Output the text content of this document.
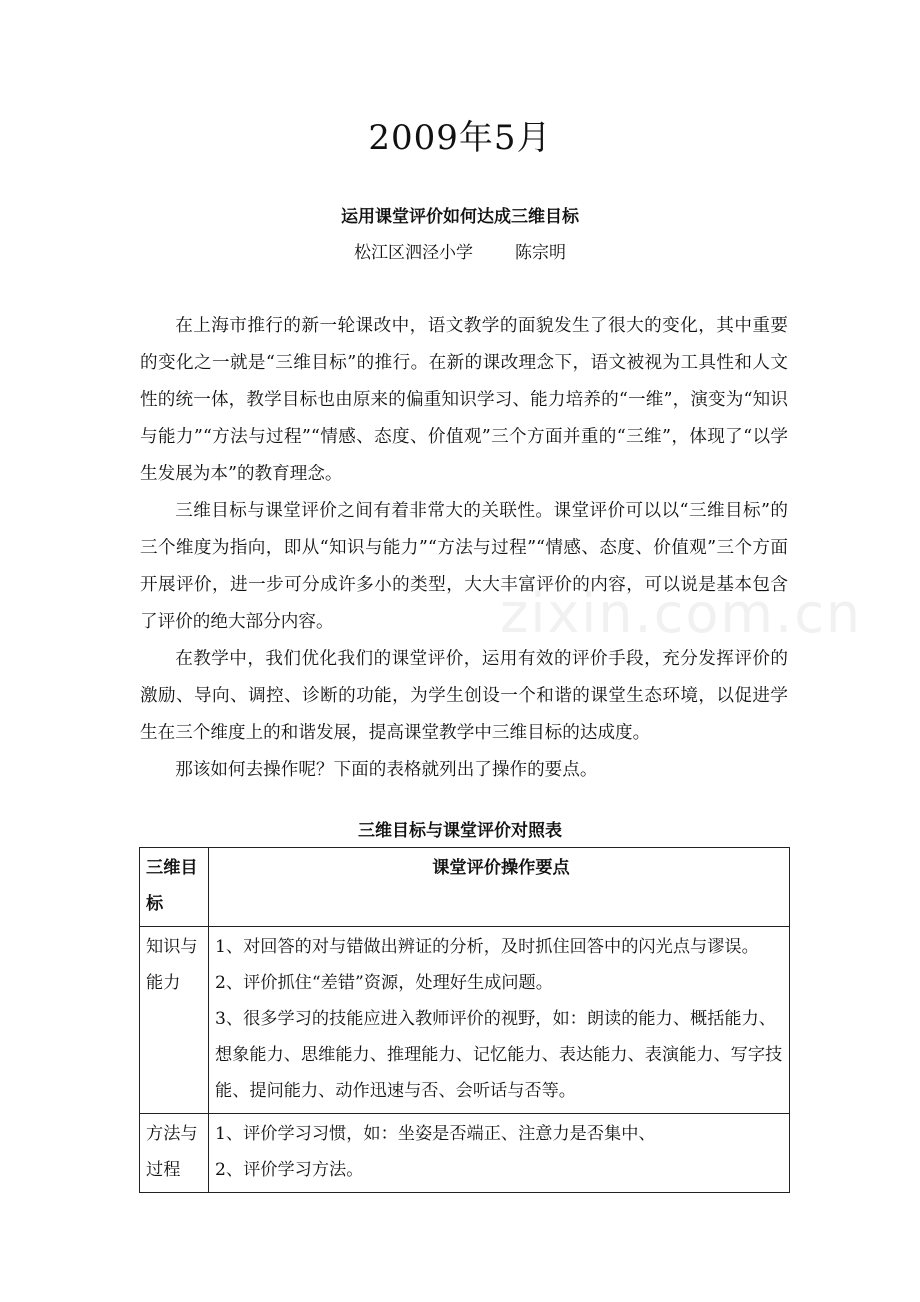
2009年5月
运用课堂评价如何达成三维目标
松江区泗泾小学 陈宗明

在上海市推行的新一轮课改中，语文教学的面貌发生了很大的变化，其中重要的变化之一就是“三维目标”的推行。在新的课改理念下，语文被视为工具性和人文性的统一体，教学目标也由原来的偏重知识学习、能力培养的“一维”，演变为“知识与能力”“方法与过程”“情感、态度、价值观”三个方面并重的“三维”，体现了“以学生发展为本”的教育理念。

三维目标与课堂评价之间有着非常大的关联性。课堂评价可以以“三维目标”的三个维度为指向，即从“知识与能力”“方法与过程”“情感、态度、价值观”三个方面开展评价，进一步可分成许多小的类型，大大丰富评价的内容，可以说是基本包含了评价的绝大部分内容。

在教学中，我们优化我们的课堂评价，运用有效的评价手段，充分发挥评价的激励、导向、调控、诊断的功能，为学生创设一个和谐的课堂生态环境，以促进学生在三个维度上的和谐发展，提高课堂教学中三维目标的达成度。

那该如何去操作呢？下面的表格就列出了操作的要点。

三维目标与课堂评价对照表
三维目标	课堂评价操作要点
知识与能力	1、对回答的对与错做出辨证的分析，及时抓住回答中的闪光点与谬误。
2、评价抓住“差错”资源，处理好生成问题。
3、很多学习的技能应进入教师评价的视野，如：朗读的能力、概括能力、想象能力、思维能力、推理能力、记忆能力、表达能力、表演能力、写字技能、提问能力、动作迅速与否、会听话与否等。

方法与过程	1、评价学习习惯，如：坐姿是否端正、注意力是否集中、
2、评价学习方法。
zixin.com.cn
